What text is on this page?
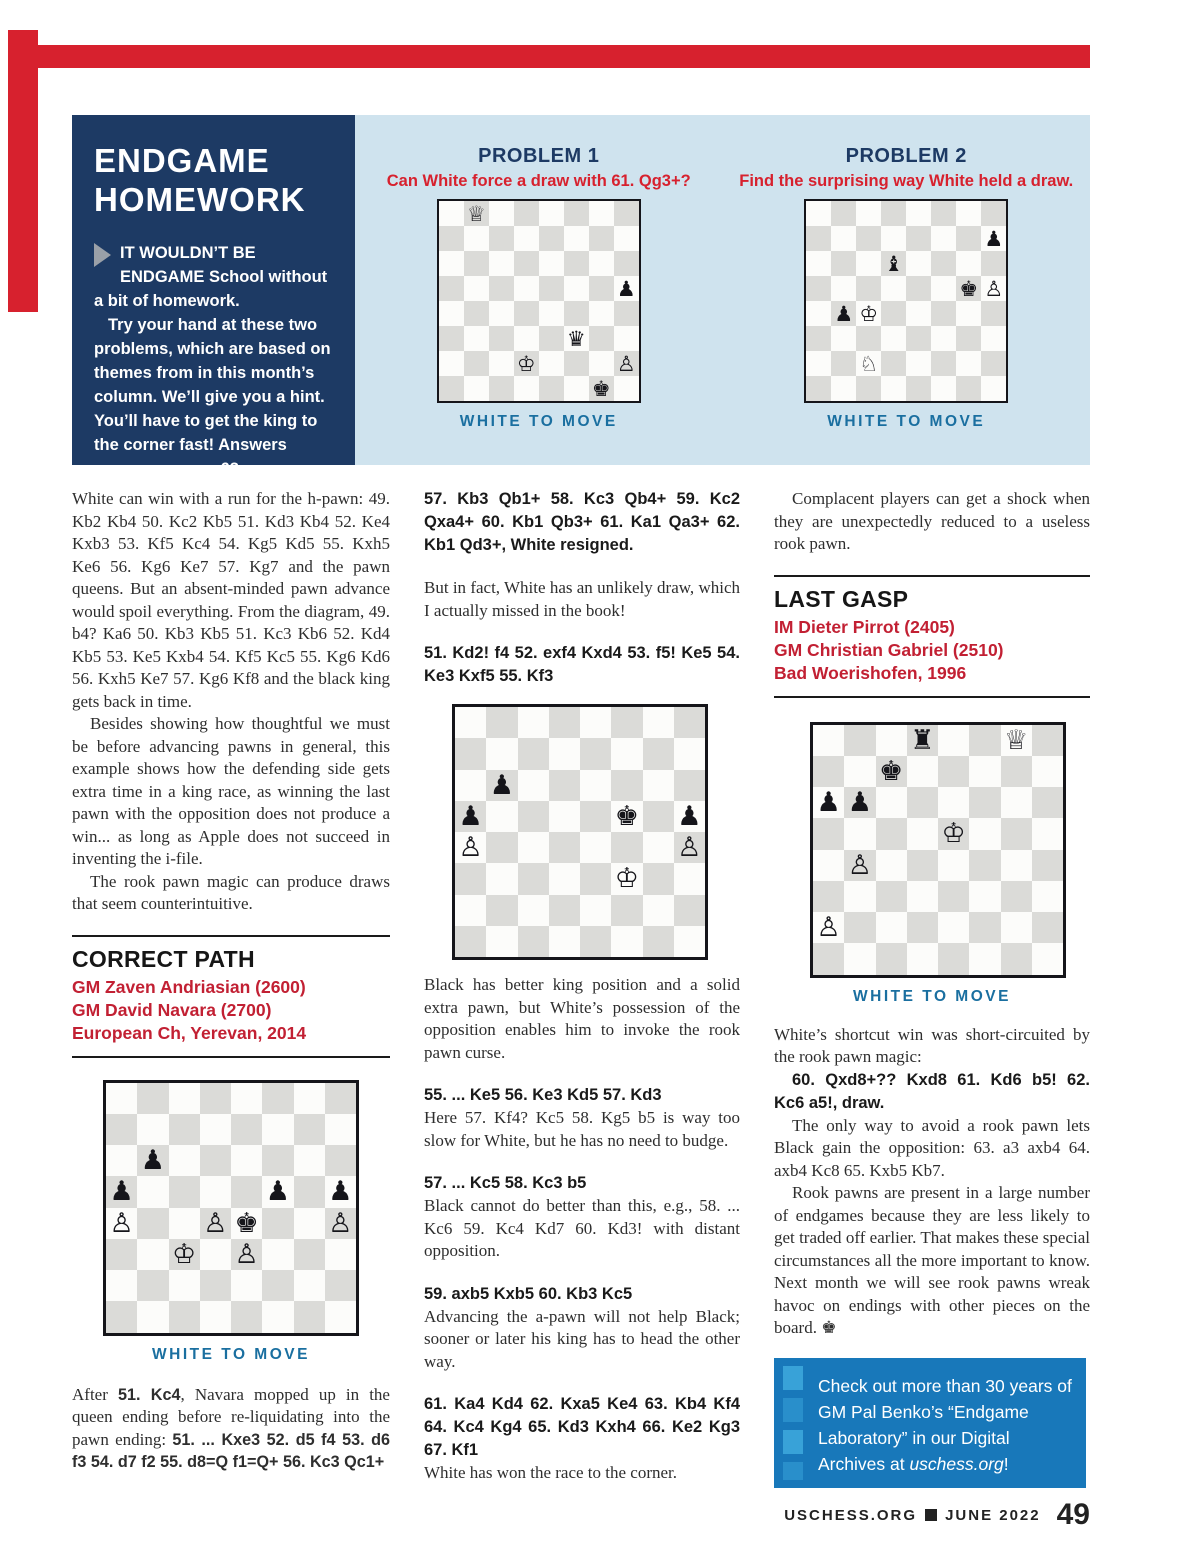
ENDGAME
HOMEWORK

IT WOULDN’T BE ENDGAME School without a bit of homework.

Try your hand at these two problems, which are based on themes from in this month’s column. We’ll give you a hint. You’ll have to get the king to the corner fast! Answers appear on page 63.

PROBLEM 1

Can White force a draw with 61. Qg3+?

♕
♟
♛
♔	♙
♚

WHITE TO MOVE

PROBLEM 2

Find the surprising way White held a draw.

♟
♝
♚ ♙
♟ ♔
♘

WHITE TO MOVE

White can win with a run for the h-pawn: 49. Kb2 Kb4 50. Kc2 Kb5 51. Kd3 Kb4 52. Ke4 Kxb3 53. Kf5 Kc4 54. Kg5 Kd5 55. Kxh5 Ke6 56. Kg6 Ke7 57. Kg7 and the pawn queens. But an absent-minded pawn advance would spoil everything. From the diagram, 49. b4? Ka6 50. Kb3 Kb5 51. Kc3 Kb6 52. Kd4 Kb5 53. Ke5 Kxb4 54. Kf5 Kc5 55. Kg6 Kd6 56. Kxh5 Ke7 57. Kg6 Kf8 and the black king gets back in time.

Besides showing how thoughtful we must be before advancing pawns in general, this example shows how the defending side gets extra time in a king race, as winning the last pawn with the opposition does not produce a win... as long as Apple does not succeed in inventing the i-file.

The rook pawn magic can produce draws that seem counterintuitive.

CORRECT PATH

GM Zaven Andriasian (2600)

GM David Navara (2700)

European Ch, Yerevan, 2014

♟
♟	♟ ♟
♙	♙ ♚	♙
♔ ♙

WHITE TO MOVE

After 51. Kc4, Navara mopped up in the queen ending before re-liquidating into the pawn ending: 51. ... Kxe3 52. d5 f4 53. d6 f3 54. d7 f2 55. d8=Q f1=Q+ 56. Kc3 Qc1+

57. Kb3 Qb1+ 58. Kc3 Qb4+ 59. Kc2 Qxa4+ 60. Kb1 Qb3+ 61. Ka1 Qa3+ 62. Kb1 Qd3+, White resigned.

But in fact, White has an unlikely draw, which I actually missed in the book!

51. Kd2! f4 52. exf4 Kxd4 53. f5! Ke5 54. Ke3 Kxf5 55. Kf3

♟
♟	♚ ♟
♙	♙
♔

Black has better king position and a solid extra pawn, but White’s possession of the opposition enables him to invoke the rook pawn curse.

55. ... Ke5 56. Ke3 Kd5 57. Kd3

Here 57. Kf4? Kc5 58. Kg5 b5 is way too slow for White, but he has no need to budge.

57. ... Kc5 58. Kc3 b5

Black cannot do better than this, e.g., 58. ... Kc6 59. Kc4 Kd7 60. Kd3! with distant opposition.

59. axb5 Kxb5 60. Kb3 Kc5

Advancing the a-pawn will not help Black; sooner or later his king has to head the other way.

61. Ka4 Kd4 62. Kxa5 Ke4 63. Kb4 Kf4 64. Kc4 Kg4 65. Kd3 Kxh4 66. Ke2 Kg3 67. Kf1

White has won the race to the corner.

Complacent players can get a shock when they are unexpectedly reduced to a useless rook pawn.

LAST GASP

IM Dieter Pirrot (2405)

GM Christian Gabriel (2510)

Bad Woerishofen, 1996

♜	♕
♚
♟ ♟
♔
♙
♙

WHITE TO MOVE

White’s shortcut win was short-circuited by the rook pawn magic:

60. Qxd8+?? Kxd8 61. Kd6 b5! 62. Kc6 a5!, draw.

The only way to avoid a rook pawn lets Black gain the opposition: 63. a3 axb4 64. axb4 Kc8 65. Kxb5 Kb7.

Rook pawns are present in a large number of endgames because they are less likely to get traded off earlier. That makes these special circumstances all the more important to know. Next month we will see rook pawns wreak havoc on endings with other pieces on the board. ♚

Check out more than 30 years of GM Pal Benko’s “Endgame Laboratory” in our Digital Archives at uschess.org!
USCHESS.ORG JUNE 2022 49
